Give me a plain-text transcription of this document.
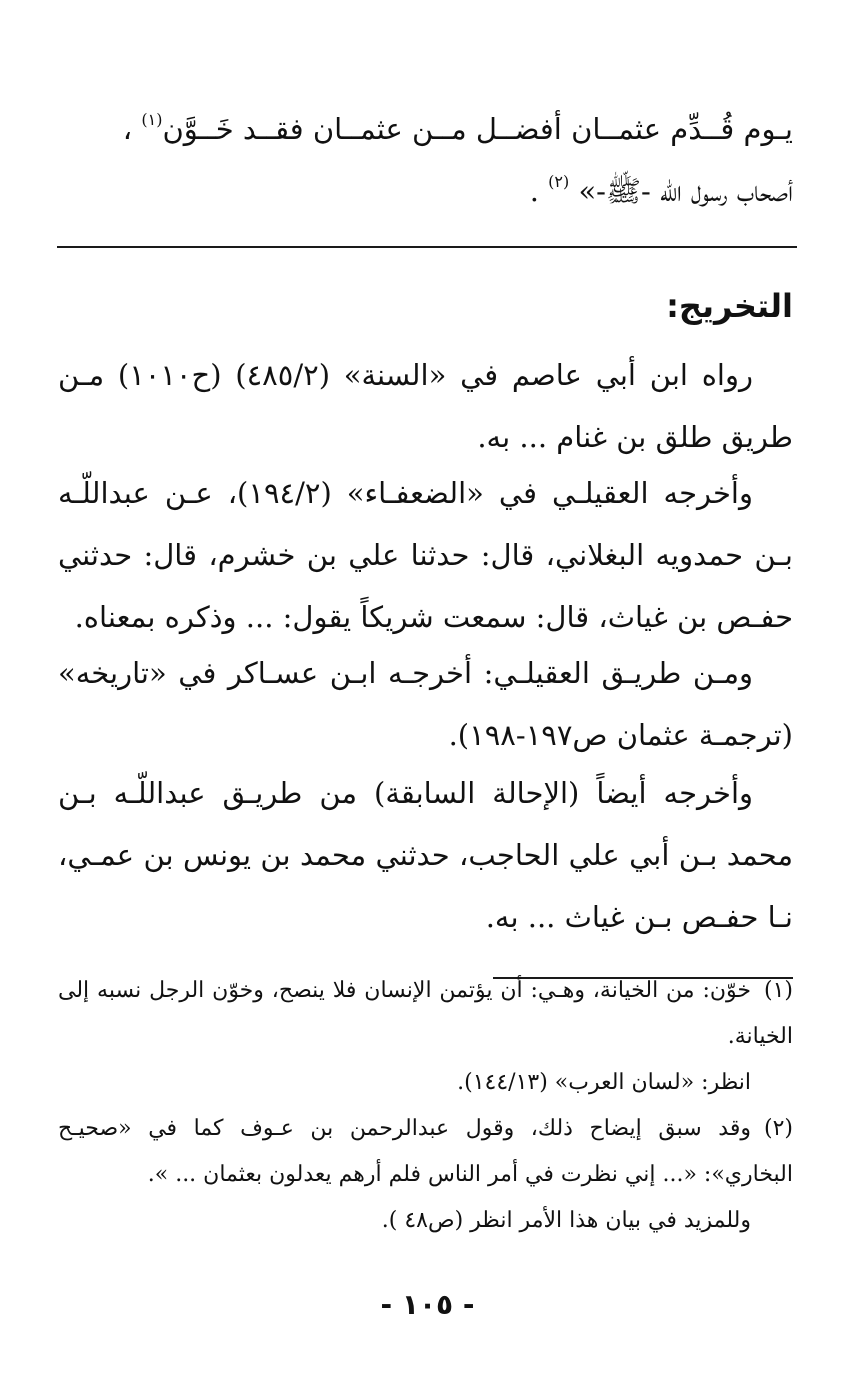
يـوم قُــدِّم عثمــان أفضــل مــن عثمــان فقــد خَــوَّن$^{(١)}$ ،
أصحاب رسول اللّه -ﷺ-» $^{(٢)}$ .
التخريج:

رواه ابن أبي عاصم في «السنة» (٤٨٥/٢) (ح١٠١٠) مـن طريق طلق بن غنام ... به.

وأخرجه العقيلـي في «الضعفـاء» (١٩٤/٢)، عـن عبداللّـه بـن حمدويه البغلاني، قال: حدثنا علي بن خشرم، قال: حدثني حفـص بن غياث، قال: سمعت شريكاً يقول: ... وذكره بمعناه.

ومـن طريـق العقيلـي: أخرجـه ابـن عسـاكر في «تاريخه» (ترجمـة عثمان ص١٩٧-١٩٨).

وأخرجه أيضاً (الإحالة السابقة) من طريـق عبداللّـه بـن محمد بـن أبي علي الحاجب، حدثني محمد بن يونس بن عمـي، نـا حفـص بـن غياث ... به.

(١)خوّن: من الخيانة، وهـي: أن يؤتمن الإنسان فلا ينصح، وخوّن الرجل نسبه إلى الخيانة.

انظر: «لسان العرب» (١٤٤/١٣).

(٢)وقد سبق إيضاح ذلك، وقول عبدالرحمن بن عـوف كما في «صحيـح البخاري»: «... إني نظرت في أمر الناس فلم أرهم يعدلون بعثمان ... ».

وللمزيد في بيان هذا الأمر انظر (ص٤٨ ).

- ١٠٥ -
